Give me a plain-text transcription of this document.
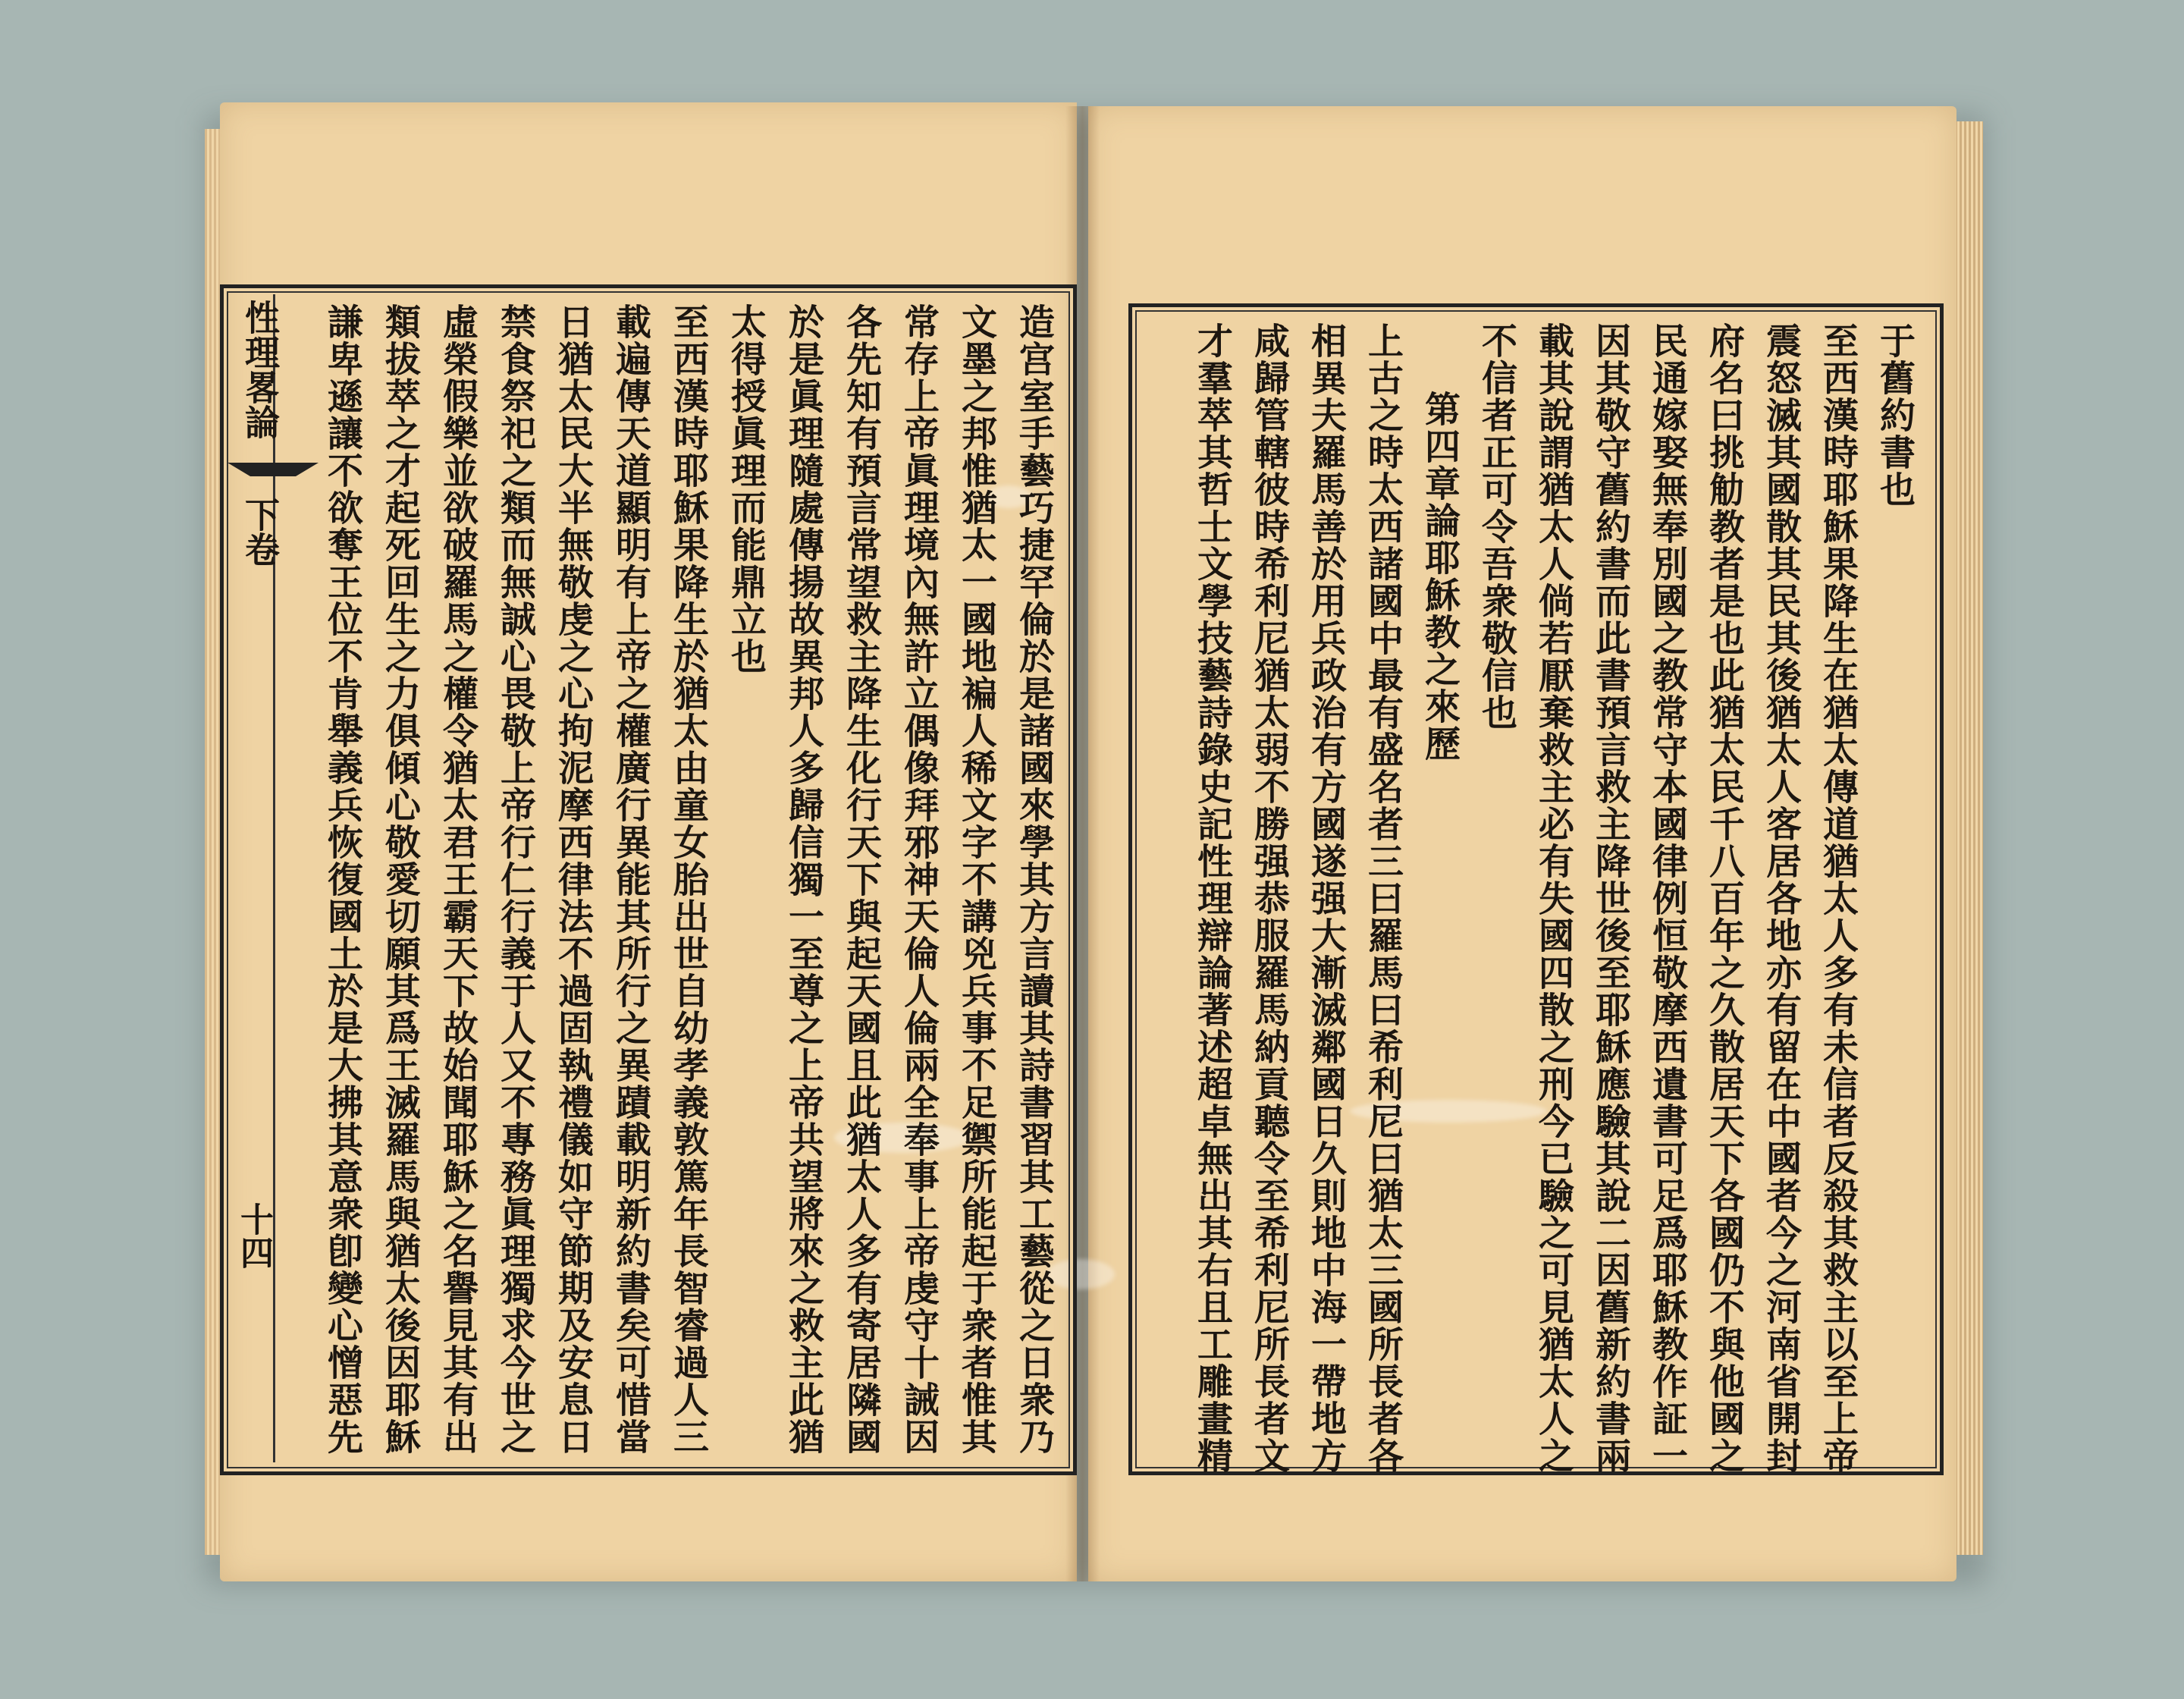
性理畧論
下卷
十四	造宫室手藝巧捷罕倫於是諸國來學其方言讀其詩書習其工藝從之日衆乃
文墨之邦惟猶太一國地褊人稀文字不講兇兵事不足禦所能起于衆者惟其
常存上帝眞理境內無許立偶像拜邪神天倫人倫兩全奉事上帝虔守十誡因
各先知有預言常望救主降生化行天下與起天國且此猶太人多有寄居隣國
於是眞理隨處傳揚故異邦人多歸信獨一至尊之上帝共望將來之救主此猶
太得授眞理而能鼎立也
至西漢時耶穌果降生於猶太由童女胎出世自幼孝義敦篤年長智睿過人三
載遍傳天道顯明有上帝之權廣行異能其所行之異蹟載明新約書矣可惜當
日猶太民大半無敬虔之心拘泥摩西律法不過固執禮儀如守節期及安息日
禁食祭祀之類而無誠心畏敬上帝行仁行義于人又不專務眞理獨求今世之
虛榮假樂並欲破羅馬之權令猶太君王霸天下故始聞耶穌之名譽見其有出
類拔萃之才起死回生之力俱傾心敬愛切願其爲王滅羅馬與猶太後因耶穌
謙卑遜讓不欲奪王位不肯舉義兵恢復國土於是大拂其意衆卽變心憎惡先	于舊約書也
至西漢時耶穌果降生在猶太傳道猶太人多有未信者反殺其救主以至上帝
震怒滅其國散其民其後猶太人客居各地亦有留在中國者今之河南省開封
府名曰挑觔教者是也此猶太民千八百年之久散居天下各國仍不與他國之
民通嫁娶無奉別國之教常守本國律例恒敬摩西遺書可足爲耶穌教作証一
因其敬守舊約書而此書預言救主降世後至耶穌應驗其說二因舊新約書兩
載其說謂猶太人倘若厭棄救主必有失國四散之刑今已驗之可見猶太人之
不信者正可令吾衆敬信也
第四章論耶穌教之來歷
上古之時太西諸國中最有盛名者三曰羅馬曰希利尼曰猶太三國所長者各
相異夫羅馬善於用兵政治有方國遂强大漸滅鄰國日久則地中海一帶地方
咸歸管轄彼時希利尼猶太弱不勝强恭服羅馬納貢聽令至希利尼所長者文
才羣萃其哲士文學技藝詩錄史記性理辯論著述超卓無出其右且工雕畫精
